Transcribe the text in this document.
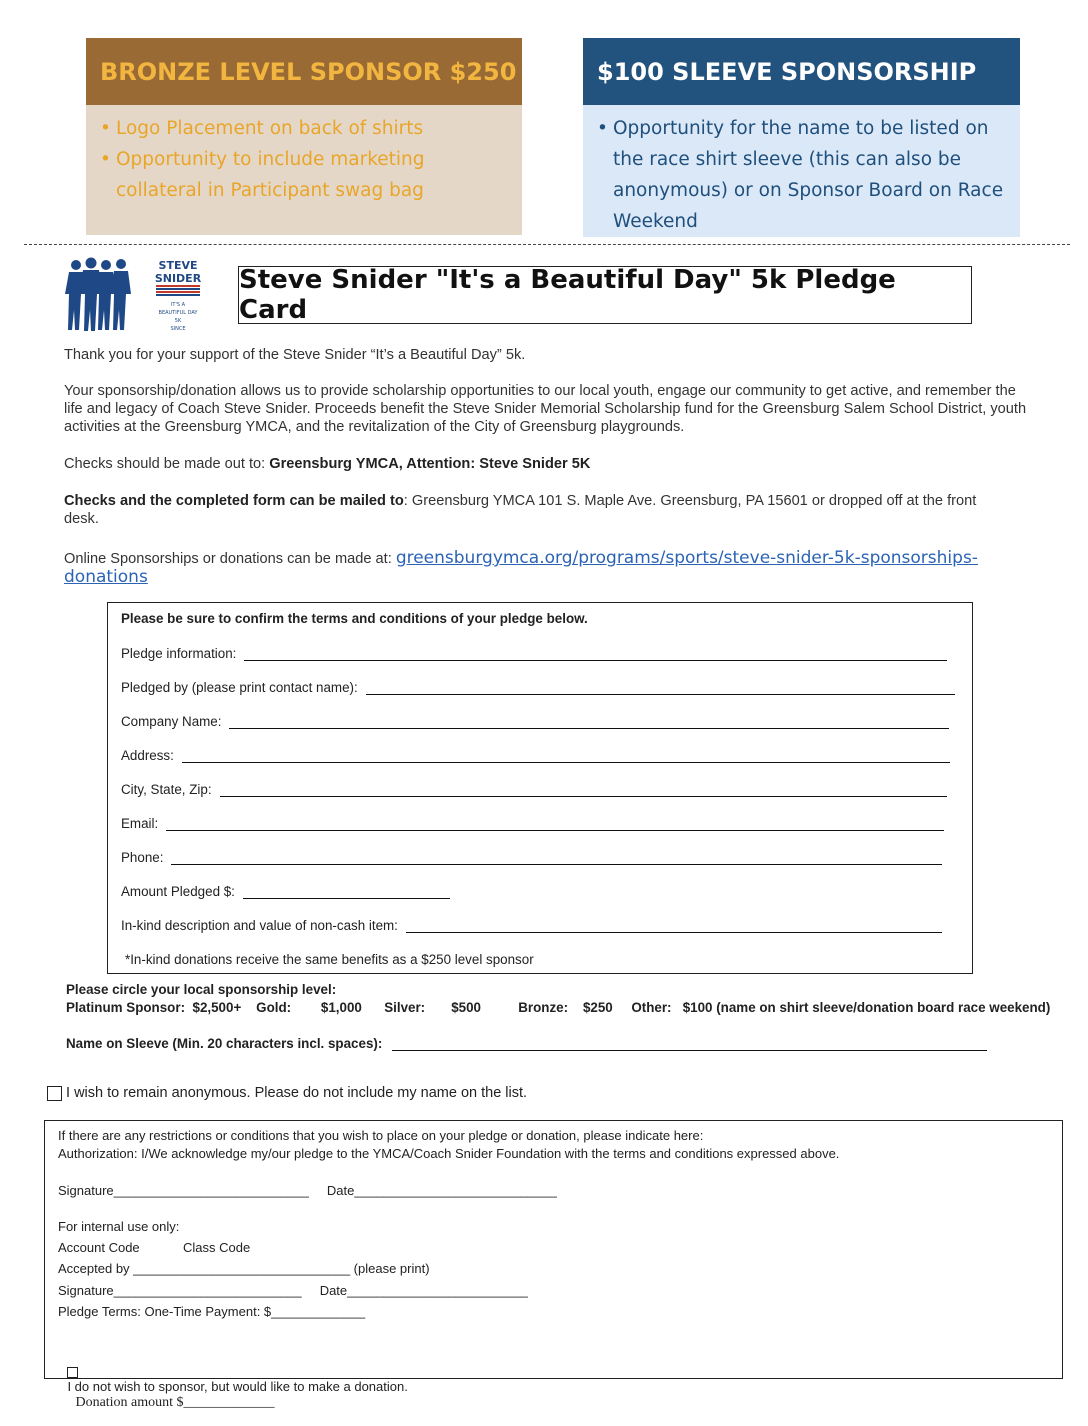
BRONZE LEVEL SPONSOR $250
• Logo Placement on back of shirts
• Opportunity to include marketing collateral in Participant swag bag
$100 SLEEVE SPONSORSHIP
• Opportunity for the name to be listed on the race shirt sleeve (this can also be anonymous) or on Sponsor Board on Race Weekend
STEVE
SNIDER
IT'S A
BEAUTIFUL DAY
5K
SINCE
Steve Snider "It's a Beautiful Day" 5k Pledge Card
Thank you for your support of the Steve Snider “It’s a Beautiful Day” 5k.
Your sponsorship/donation allows us to provide scholarship opportunities to our local youth, engage our community to get active, and remember the life and legacy of Coach Steve Snider. Proceeds benefit the Steve Snider Memorial Scholarship fund for the Greensburg Salem School District, youth activities at the Greensburg YMCA, and the revitalization of the City of Greensburg playgrounds.
Checks should be made out to: Greensburg YMCA, Attention: Steve Snider 5K
Checks and the completed form can be mailed to: Greensburg YMCA 101 S. Maple Ave. Greensburg, PA 15601 or dropped off at the front desk.
Online Sponsorships or donations can be made at: greensburgymca.org/programs/sports/steve-snider-5k-sponsorships-donations
Please be sure to confirm the terms and conditions of your pledge below.
Pledge information:
Pledged by (please print contact name):
Company Name:
Address:
City, State, Zip:
Email:
Phone:
Amount Pledged $:
In-kind description and value of non-cash item:
*In-kind donations receive the same benefits as a $250 level sponsor
Please circle your local sponsorship level:
Platinum Sponsor: $2,500+ Gold: $1,000 Silver: $500	Bronze: $250 Other: $100 (name on shirt sleeve/donation board race weekend)
Name on Sleeve (Min. 20 characters incl. spaces):
I wish to remain anonymous. Please do not include my name on the list.
If there are any restrictions or conditions that you wish to place on your pledge or donation, please indicate here:
Authorization: I/We acknowledge my/our pledge to the YMCA/Coach Snider Foundation with the terms and conditions expressed above.
Signature___________________________     Date____________________________
For internal use only:
Account Code            Class Code
Accepted by ______________________________ (please print)
Signature__________________________     Date_________________________
Pledge Terms: One-Time Payment: $_____________

I do not wish to sponsor, but would like to make a donation.
Donation amount $_____________
